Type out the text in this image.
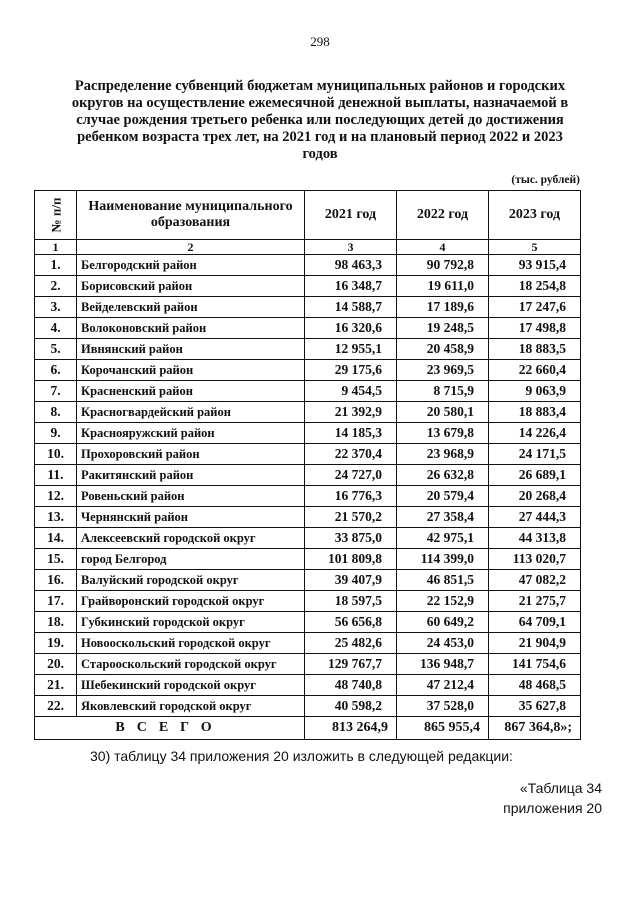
298
Распределение субвенций бюджетам муниципальных районов и городских
округов на осуществление ежемесячной денежной выплаты, назначаемой в
случае рождения третьего ребенка или последующих детей до достижения
ребенком возраста трех лет, на 2021 год и на плановый период 2022 и 2023
годов
(тыс. рублей)
№ п/п	Наименование муниципального образования	2021 год	2022 год	2023 год
1	2	3	4	5
1.	Белгородский район	98 463,3	90 792,8	93 915,4
2.	Борисовский район	16 348,7	19 611,0	18 254,8
3.	Вейделевский район	14 588,7	17 189,6	17 247,6
4.	Волоконовский район	16 320,6	19 248,5	17 498,8
5.	Ивнянский район	12 955,1	20 458,9	18 883,5
6.	Корочанский район	29 175,6	23 969,5	22 660,4
7.	Красненский район	9 454,5	8 715,9	9 063,9
8.	Красногвардейский район	21 392,9	20 580,1	18 883,4
9.	Краснояружский район	14 185,3	13 679,8	14 226,4
10.	Прохоровский район	22 370,4	23 968,9	24 171,5
11.	Ракитянский район	24 727,0	26 632,8	26 689,1
12.	Ровеньский район	16 776,3	20 579,4	20 268,4
13.	Чернянский район	21 570,2	27 358,4	27 444,3
14.	Алексеевский городской округ	33 875,0	42 975,1	44 313,8
15.	город Белгород	101 809,8	114 399,0	113 020,7
16.	Валуйский городской округ	39 407,9	46 851,5	47 082,2
17.	Грайворонский городской округ	18 597,5	22 152,9	21 275,7
18.	Губкинский городской округ	56 656,8	60 649,2	64 709,1
19.	Новооскольский городской округ	25 482,6	24 453,0	21 904,9
20.	Старооскольский городской округ	129 767,7	136 948,7	141 754,6
21.	Шебекинский городской округ	48 740,8	47 212,4	48 468,5
22.	Яковлевский городской округ	40 598,2	37 528,0	35 627,8
ВСЕГО		813 264,9	865 955,4	867 364,8»;
30) таблицу 34 приложения 20 изложить в следующей редакции:
«Таблица 34
приложения 20
